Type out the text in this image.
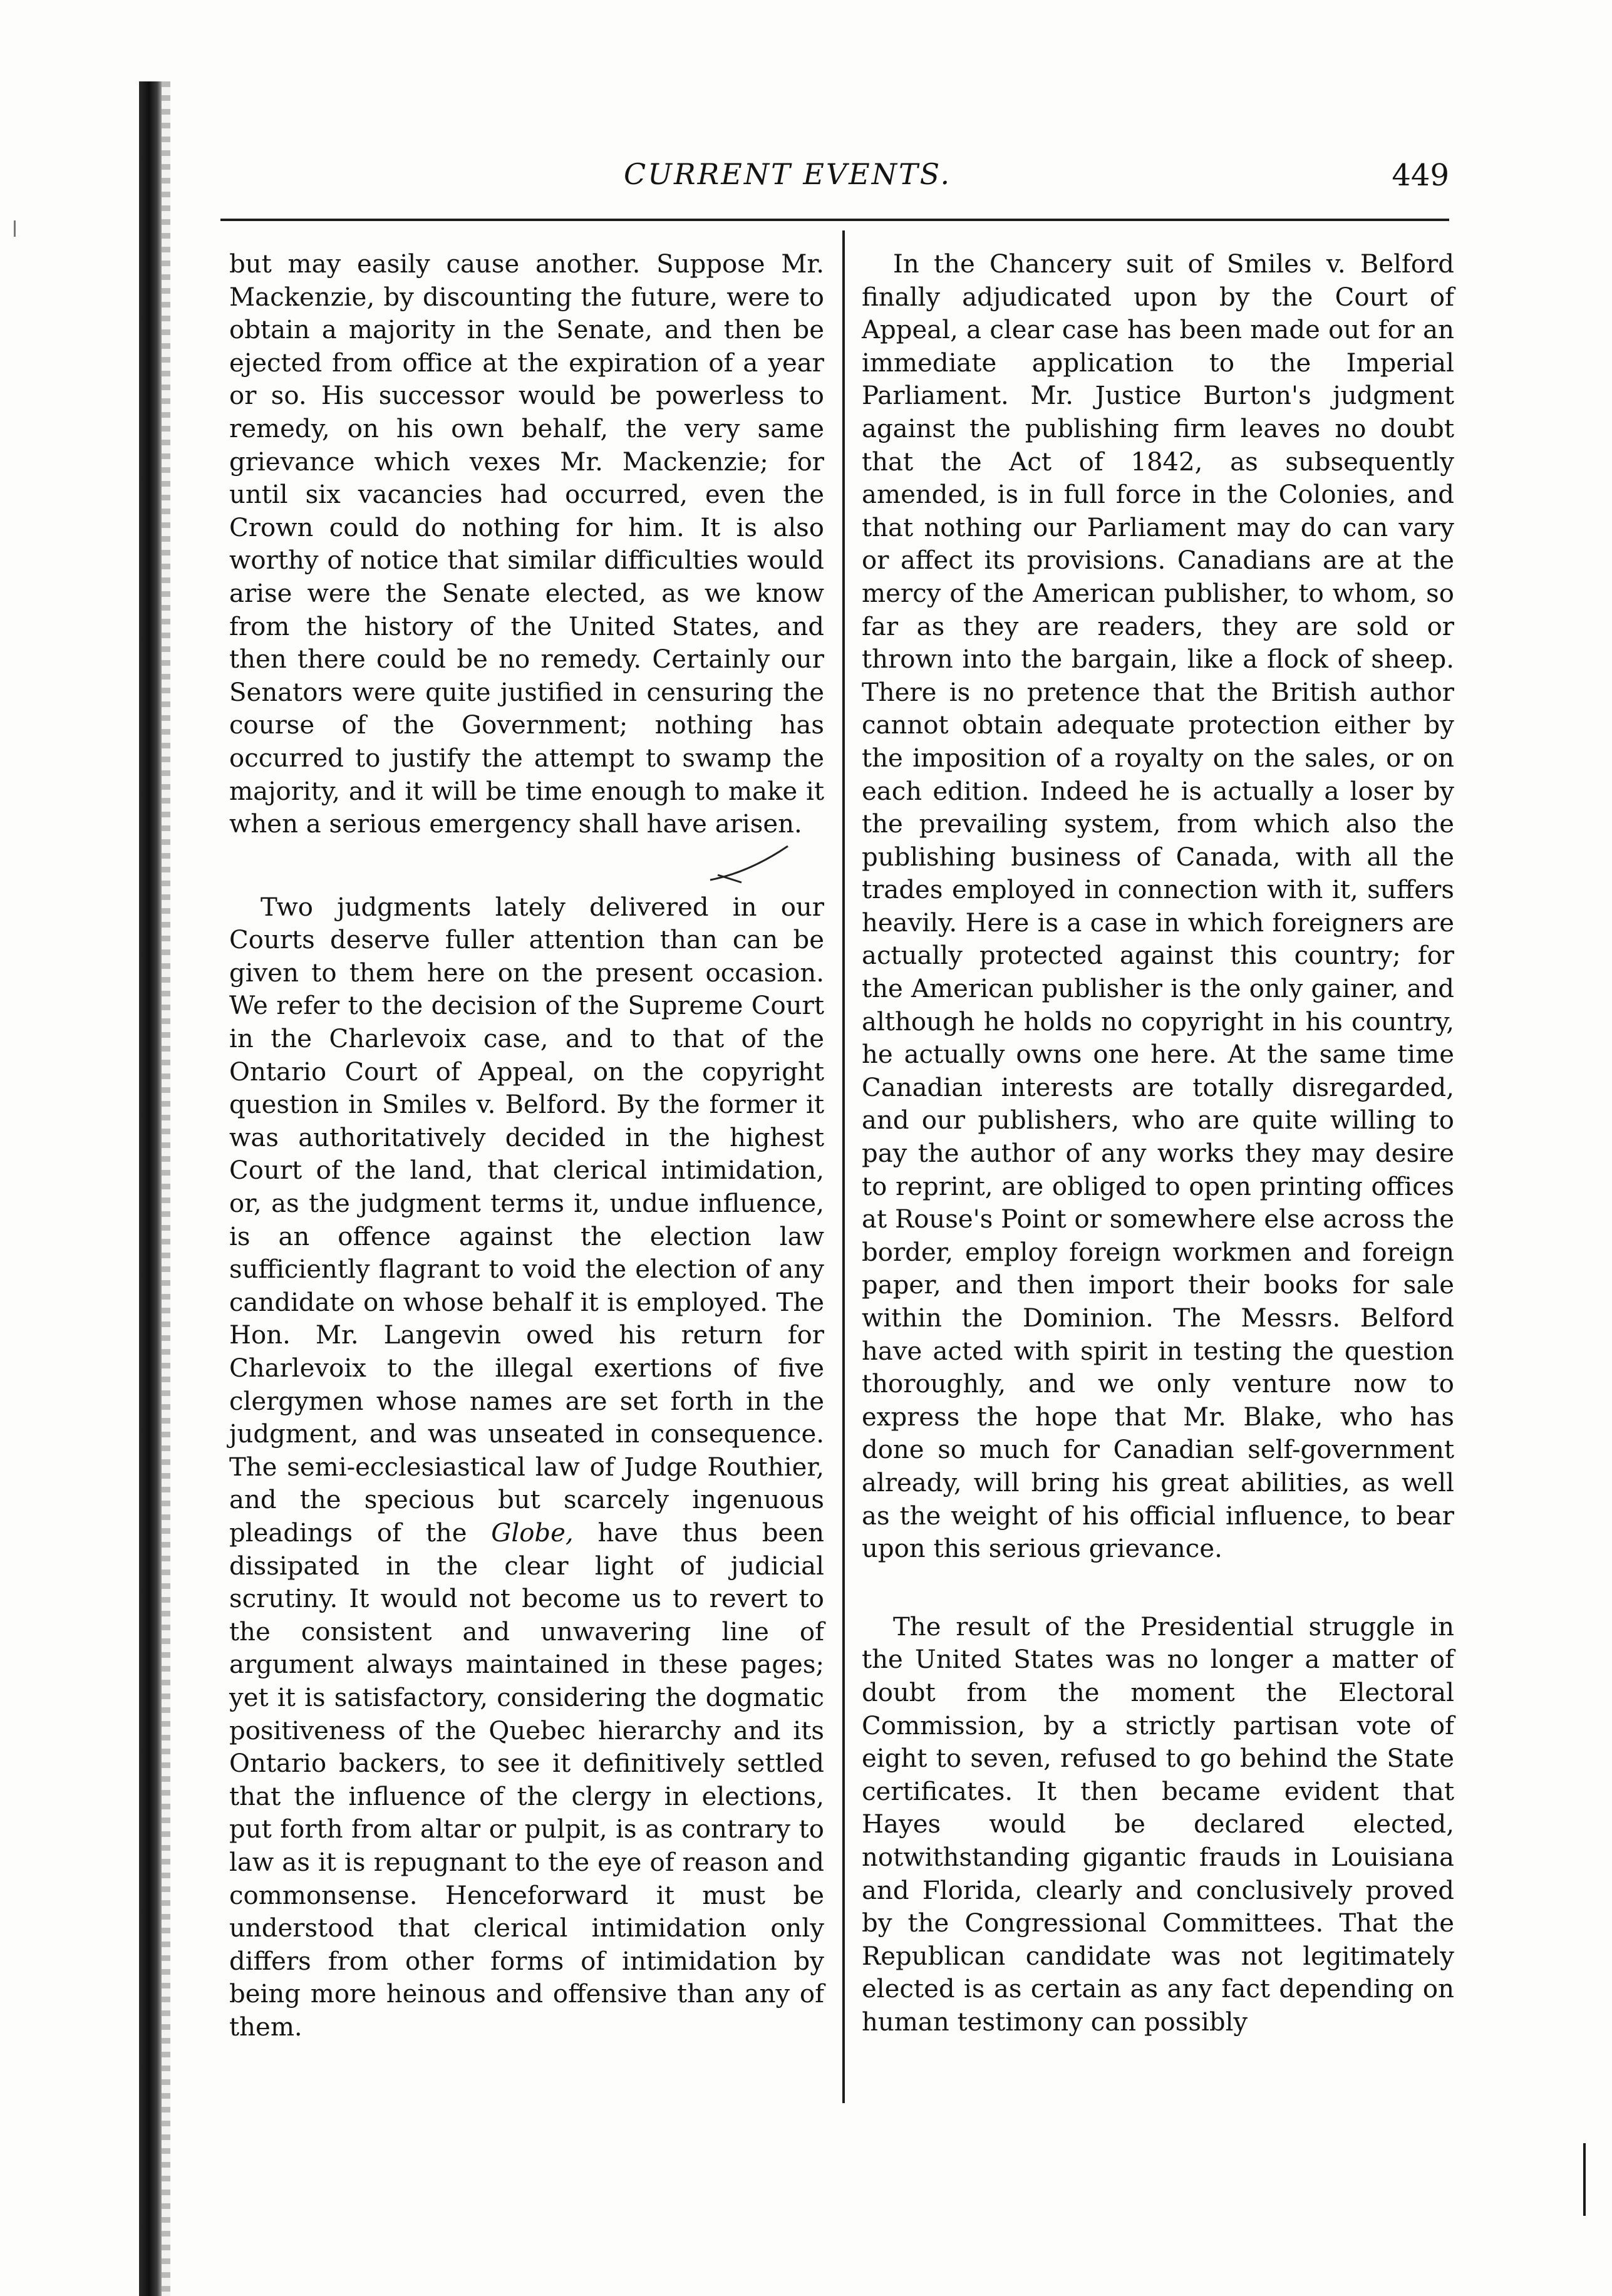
CURRENT EVENTS.	449

but may easily cause another. Suppose Mr. Mackenzie, by discounting the future, were to obtain a majority in the Senate, and then be ejected from office at the expiration of a year or so. His successor would be powerless to remedy, on his own behalf, the very same grievance which vexes Mr. Mackenzie; for until six vacancies had occurred, even the Crown could do nothing for him. It is also worthy of notice that similar difficulties would arise were the Senate elected, as we know from the history of the United States, and then there could be no remedy. Certainly our Senators were quite justified in censuring the course of the Government; nothing has occurred to justify the attempt to swamp the majority, and it will be time enough to make it when a serious emergency shall have arisen.

Two judgments lately delivered in our Courts deserve fuller attention than can be given to them here on the present occasion. We refer to the decision of the Supreme Court in the Charlevoix case, and to that of the Ontario Court of Appeal, on the copyright question in Smiles v. Belford. By the former it was authoritatively decided in the highest Court of the land, that clerical intimidation, or, as the judgment terms it, undue influence, is an offence against the election law sufficiently flagrant to void the election of any candidate on whose behalf it is employed. The Hon. Mr. Langevin owed his return for Charlevoix to the illegal exertions of five clergymen whose names are set forth in the judgment, and was unseated in consequence. The semi-ecclesiastical law of Judge Routhier, and the specious but scarcely ingenuous pleadings of the Globe, have thus been dissipated in the clear light of judicial scrutiny. It would not become us to revert to the consistent and unwavering line of argument always maintained in these pages; yet it is satisfactory, considering the dogmatic positiveness of the Quebec hierarchy and its Ontario backers, to see it definitively settled that the influence of the clergy in elections, put forth from altar or pulpit, is as contrary to law as it is repugnant to the eye of reason and commonsense. Henceforward it must be understood that clerical intimidation only differs from other forms of intimidation by being more heinous and offensive than any of them.

In the Chancery suit of Smiles v. Belford finally adjudicated upon by the Court of Appeal, a clear case has been made out for an immediate application to the Imperial Parliament. Mr. Justice Burton's judgment against the publishing firm leaves no doubt that the Act of 1842, as subsequently amended, is in full force in the Colonies, and that nothing our Parliament may do can vary or affect its provisions. Canadians are at the mercy of the American publisher, to whom, so far as they are readers, they are sold or thrown into the bargain, like a flock of sheep. There is no pretence that the British author cannot obtain adequate protection either by the imposition of a royalty on the sales, or on each edition. Indeed he is actually a loser by the prevailing system, from which also the publishing business of Canada, with all the trades employed in connection with it, suffers heavily. Here is a case in which foreigners are actually protected against this country; for the American publisher is the only gainer, and although he holds no copyright in his country, he actually owns one here. At the same time Canadian interests are totally disregarded, and our publishers, who are quite willing to pay the author of any works they may desire to reprint, are obliged to open printing offices at Rouse's Point or somewhere else across the border, employ foreign workmen and foreign paper, and then import their books for sale within the Dominion. The Messrs. Belford have acted with spirit in testing the question thoroughly, and we only venture now to express the hope that Mr. Blake, who has done so much for Canadian self-government already, will bring his great abilities, as well as the weight of his official influence, to bear upon this serious grievance.

The result of the Presidential struggle in the United States was no longer a matter of doubt from the moment the Electoral Commission, by a strictly partisan vote of eight to seven, refused to go behind the State certificates. It then became evident that Hayes would be declared elected, notwithstanding gigantic frauds in Louisiana and Florida, clearly and conclusively proved by the Congressional Committees. That the Republican candidate was not legitimately elected is as certain as any fact depending on human testimony can possibly
